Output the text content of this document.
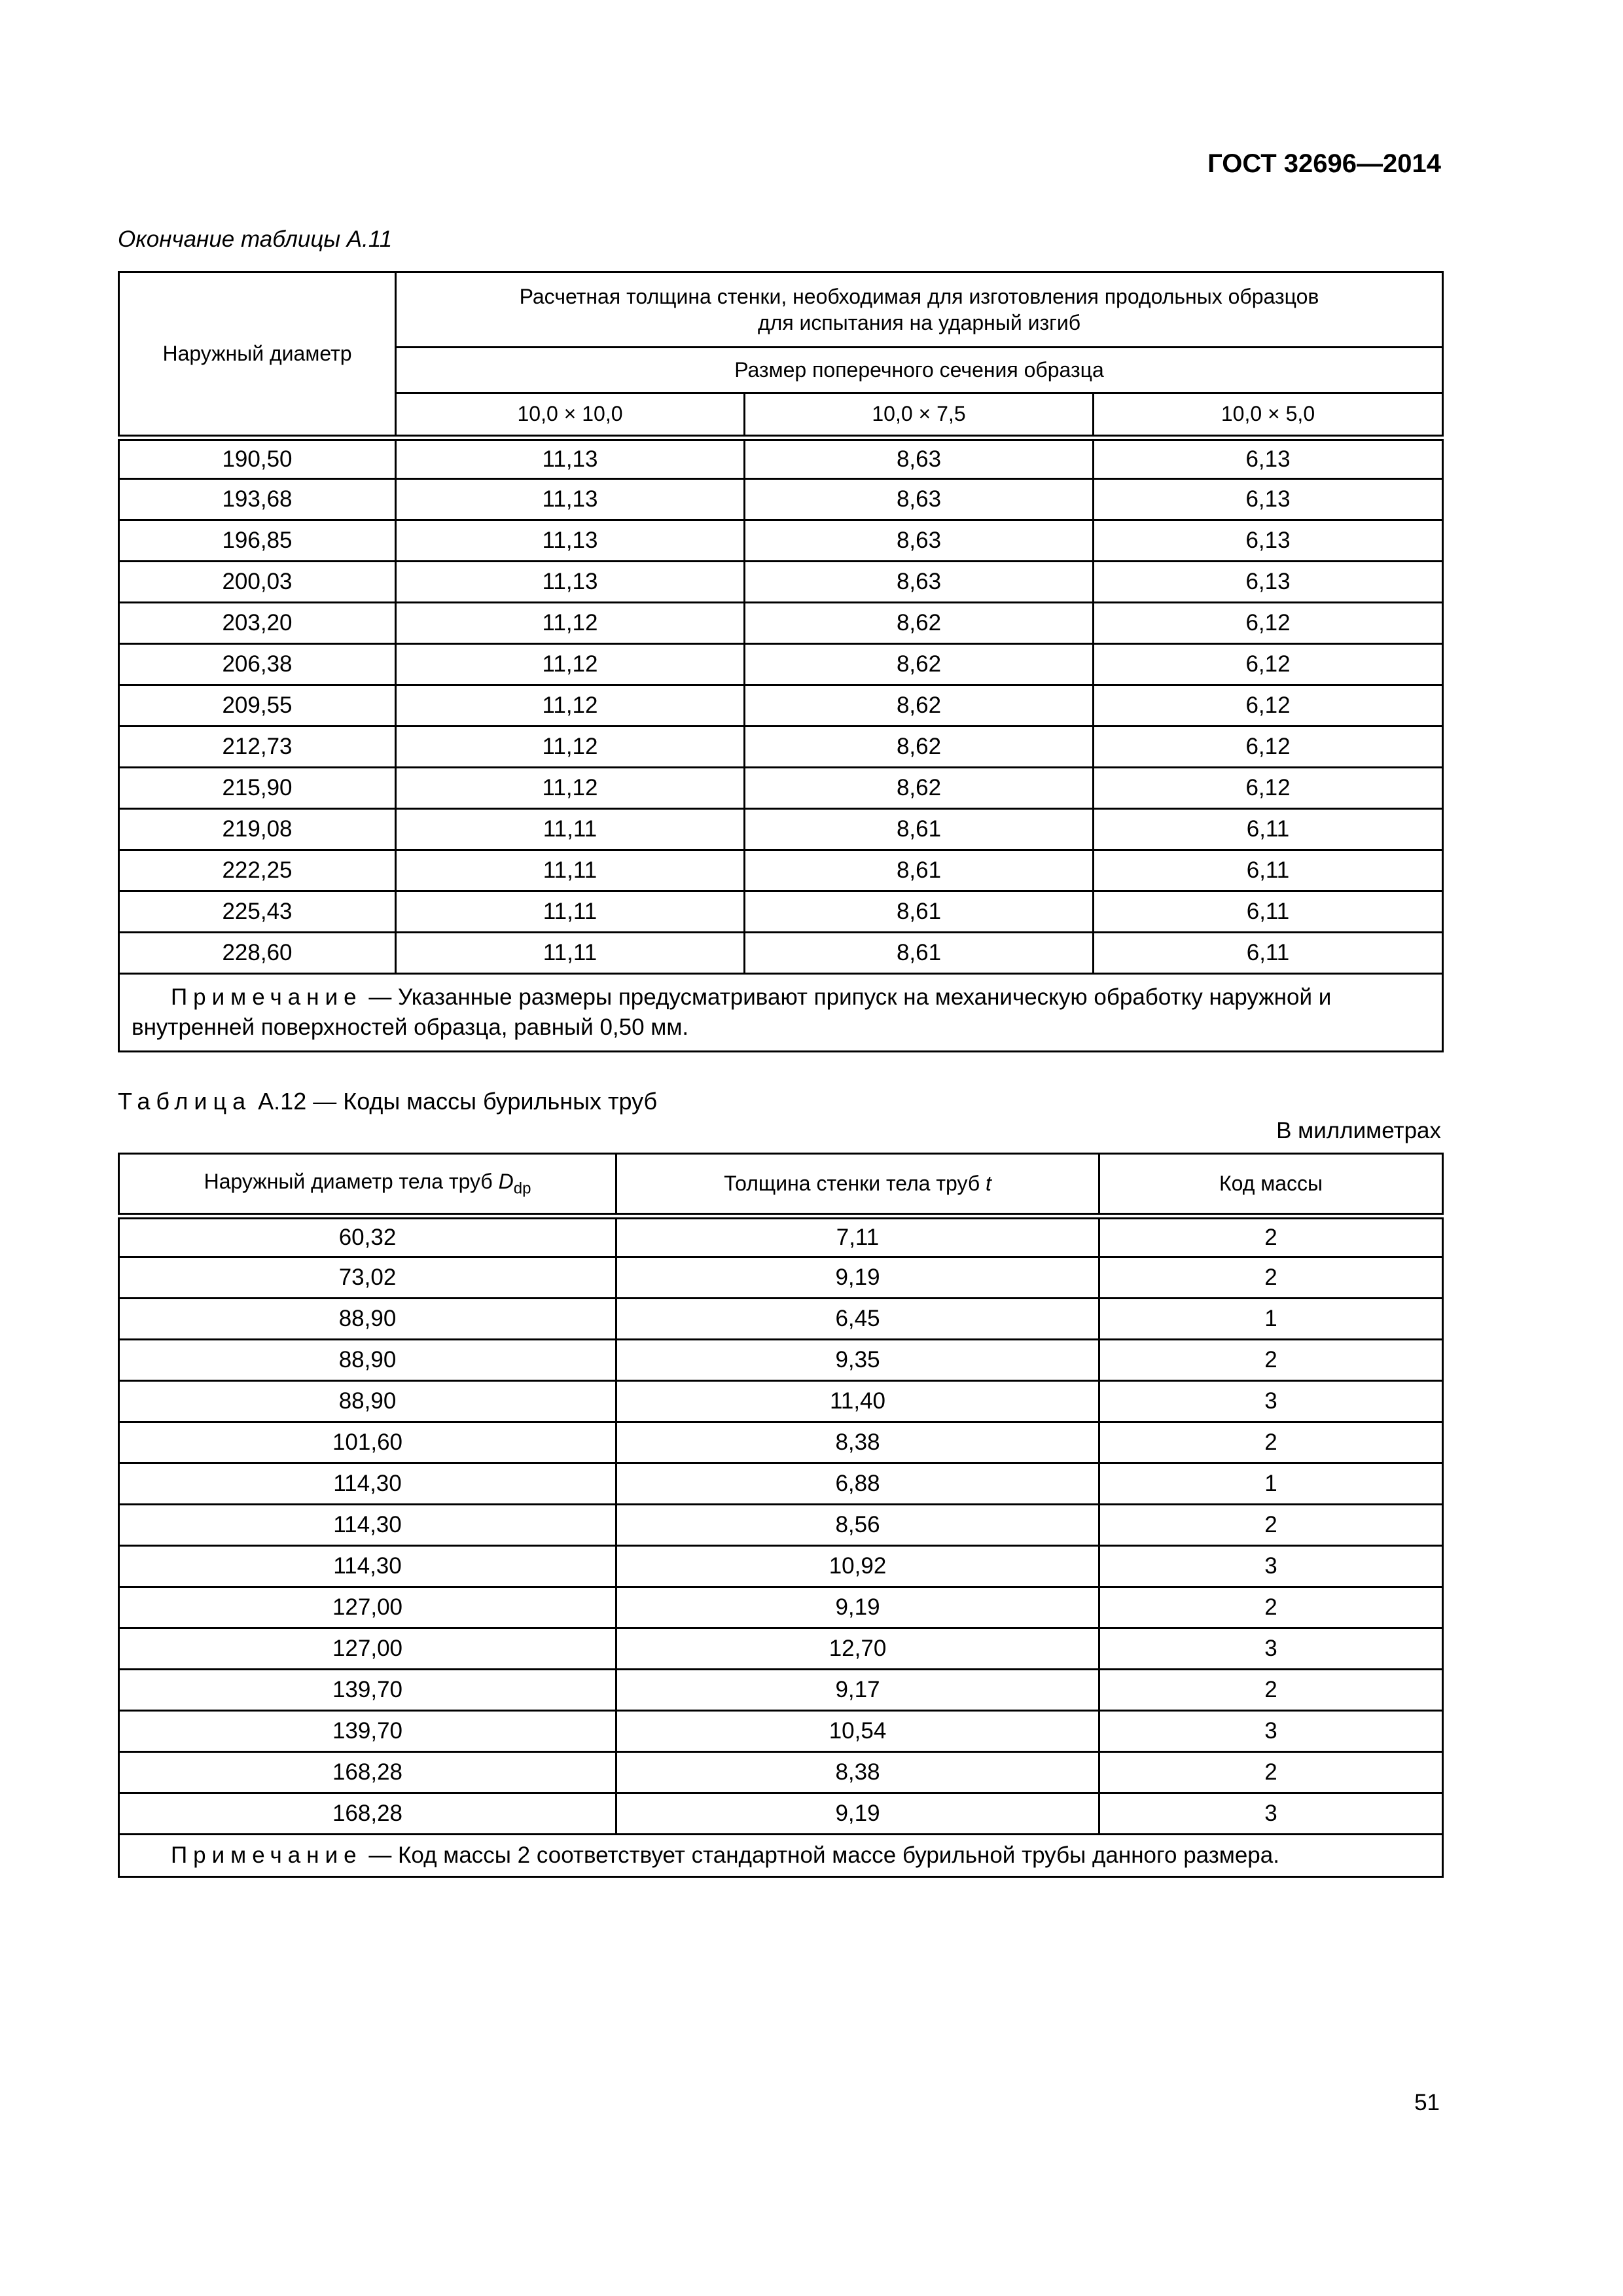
ГОСТ 32696—2014
Окончание таблицы А.11
Наружный диаметр	Расчетная толщина стенки, необходимая для изготовления продольных образцов
для испытания на ударный изгиб		
	Размер поперечного сечения образца		
	10,0 × 10,0	10,0 × 7,5	10,0 × 5,0
190,50	11,13	8,63	6,13
193,68	11,13	8,63	6,13
196,85	11,13	8,63	6,13
200,03	11,13	8,63	6,13
203,20	11,12	8,62	6,12
206,38	11,12	8,62	6,12
209,55	11,12	8,62	6,12
212,73	11,12	8,62	6,12
215,90	11,12	8,62	6,12
219,08	11,11	8,61	6,11
222,25	11,11	8,61	6,11
225,43	11,11	8,61	6,11
228,60	11,11	8,61	6,11
Примечание — Указанные размеры предусматривают припуск на механическую обработку наружной и внутренней поверхностей образца, равный 0,50 мм.			
Таблица А.12 — Коды массы бурильных труб
В миллиметрах
Наружный диаметр тела труб $D_{dp}$	Толщина стенки тела труб t	Код массы
60,32	7,11	2
73,02	9,19	2
88,90	6,45	1
88,90	9,35	2
88,90	11,40	3
101,60	8,38	2
114,30	6,88	1
114,30	8,56	2
114,30	10,92	3
127,00	9,19	2
127,00	12,70	3
139,70	9,17	2
139,70	10,54	3
168,28	8,38	2
168,28	9,19	3
Примечание — Код массы 2 соответствует стандартной массе бурильной трубы данного размера.		
51
